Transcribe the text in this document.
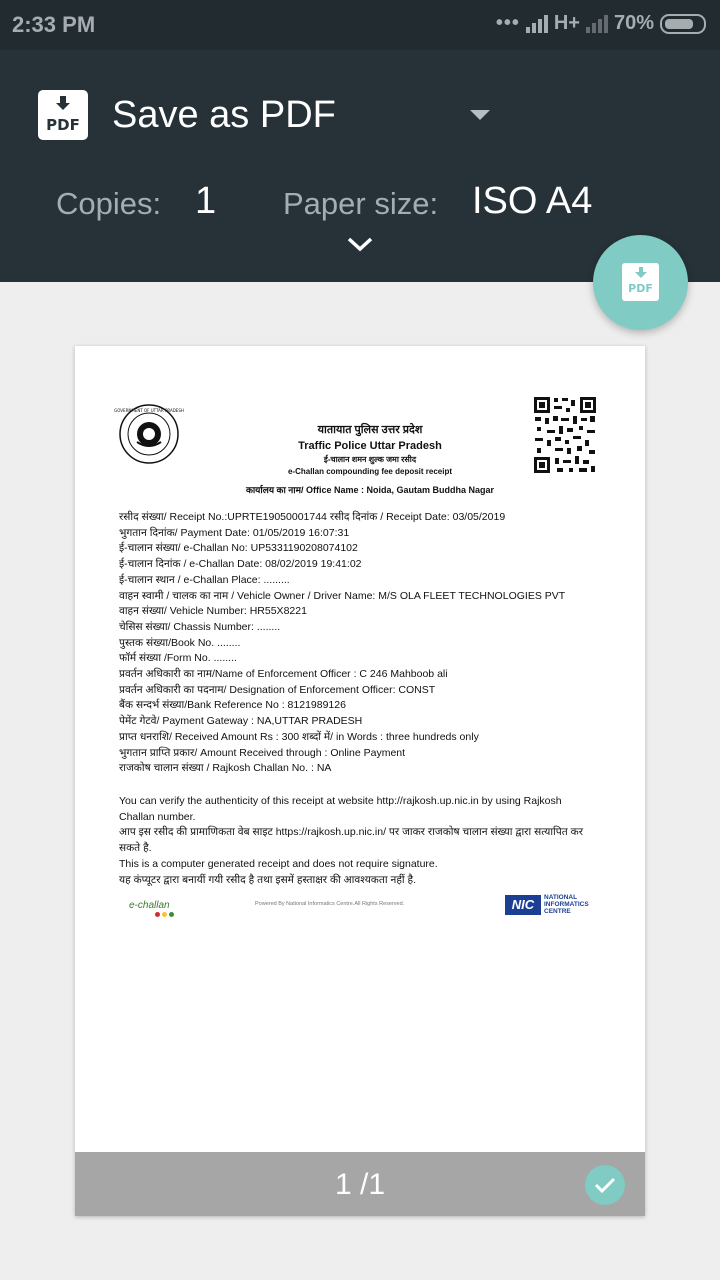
2:33 PM	••• H+ 70%
PDF Save as PDF
Copies: 1 Paper size: ISO A4
PDF
GOVERNMENT OF UTTAR PRADESH
यातायात पुलिस उत्तर प्रदेश
Traffic Police Uttar Pradesh
ई-चालान शमन शुल्क जमा रसीद
e-Challan compounding fee deposit receipt
कार्यालय का नाम/ Office Name : Noida, Gautam Buddha Nagar
रसीद संख्या/ Receipt No.:UPRTE19050001744 रसीद दिनांक / Receipt Date: 03/05/2019
भुगतान दिनांक/ Payment Date: 01/05/2019 16:07:31
ई-चालान संख्या/ e-Challan No: UP5331190208074102
ई-चालान दिनांक / e-Challan Date: 08/02/2019 19:41:02
ई-चालान स्थान / e-Challan Place: .........
वाहन स्वामी / चालक का नाम / Vehicle Owner / Driver Name: M/S OLA FLEET TECHNOLOGIES PVT
वाहन संख्या/ Vehicle Number: HR55X8221
चेसिस संख्या/ Chassis Number: ........
पुस्तक संख्या/Book No. ........
फॉर्म संख्या /Form No. ........
प्रवर्तन अधिकारी का नाम/Name of Enforcement Officer : C 246 Mahboob ali
प्रवर्तन अधिकारी का पदनाम/ Designation of Enforcement Officer: CONST
बैंक सन्दर्भ संख्या/Bank Reference No : 8121989126
पेमेंट गेटवे/ Payment Gateway : NA,UTTAR PRADESH
प्राप्त धनराशि/ Received Amount Rs : 300 शब्दों में/ in Words : three hundreds only
भुगतान प्राप्ति प्रकार/ Amount Received through : Online Payment
राजकोष चालान संख्या / Rajkosh Challan No. : NA
You can verify the authenticity of this receipt at website http://rajkosh.up.nic.in by using Rajkosh Challan number.
आप इस रसीद की प्रामाणिकता वेब साइट https://rajkosh.up.nic.in/ पर जाकर राजकोष चालान संख्या द्वारा सत्यापित कर सकते है.
This is a computer generated receipt and does not require signature.
यह कंप्यूटर द्वारा बनायीं गयी रसीद है तथा इसमें हस्ताक्षर की आवश्यकता नहीं है.
e-challan	Powered By National Informatics Centre.All Rights Reserved.	NIC	NATIONAL INFORMATICS CENTRE
1 /1
